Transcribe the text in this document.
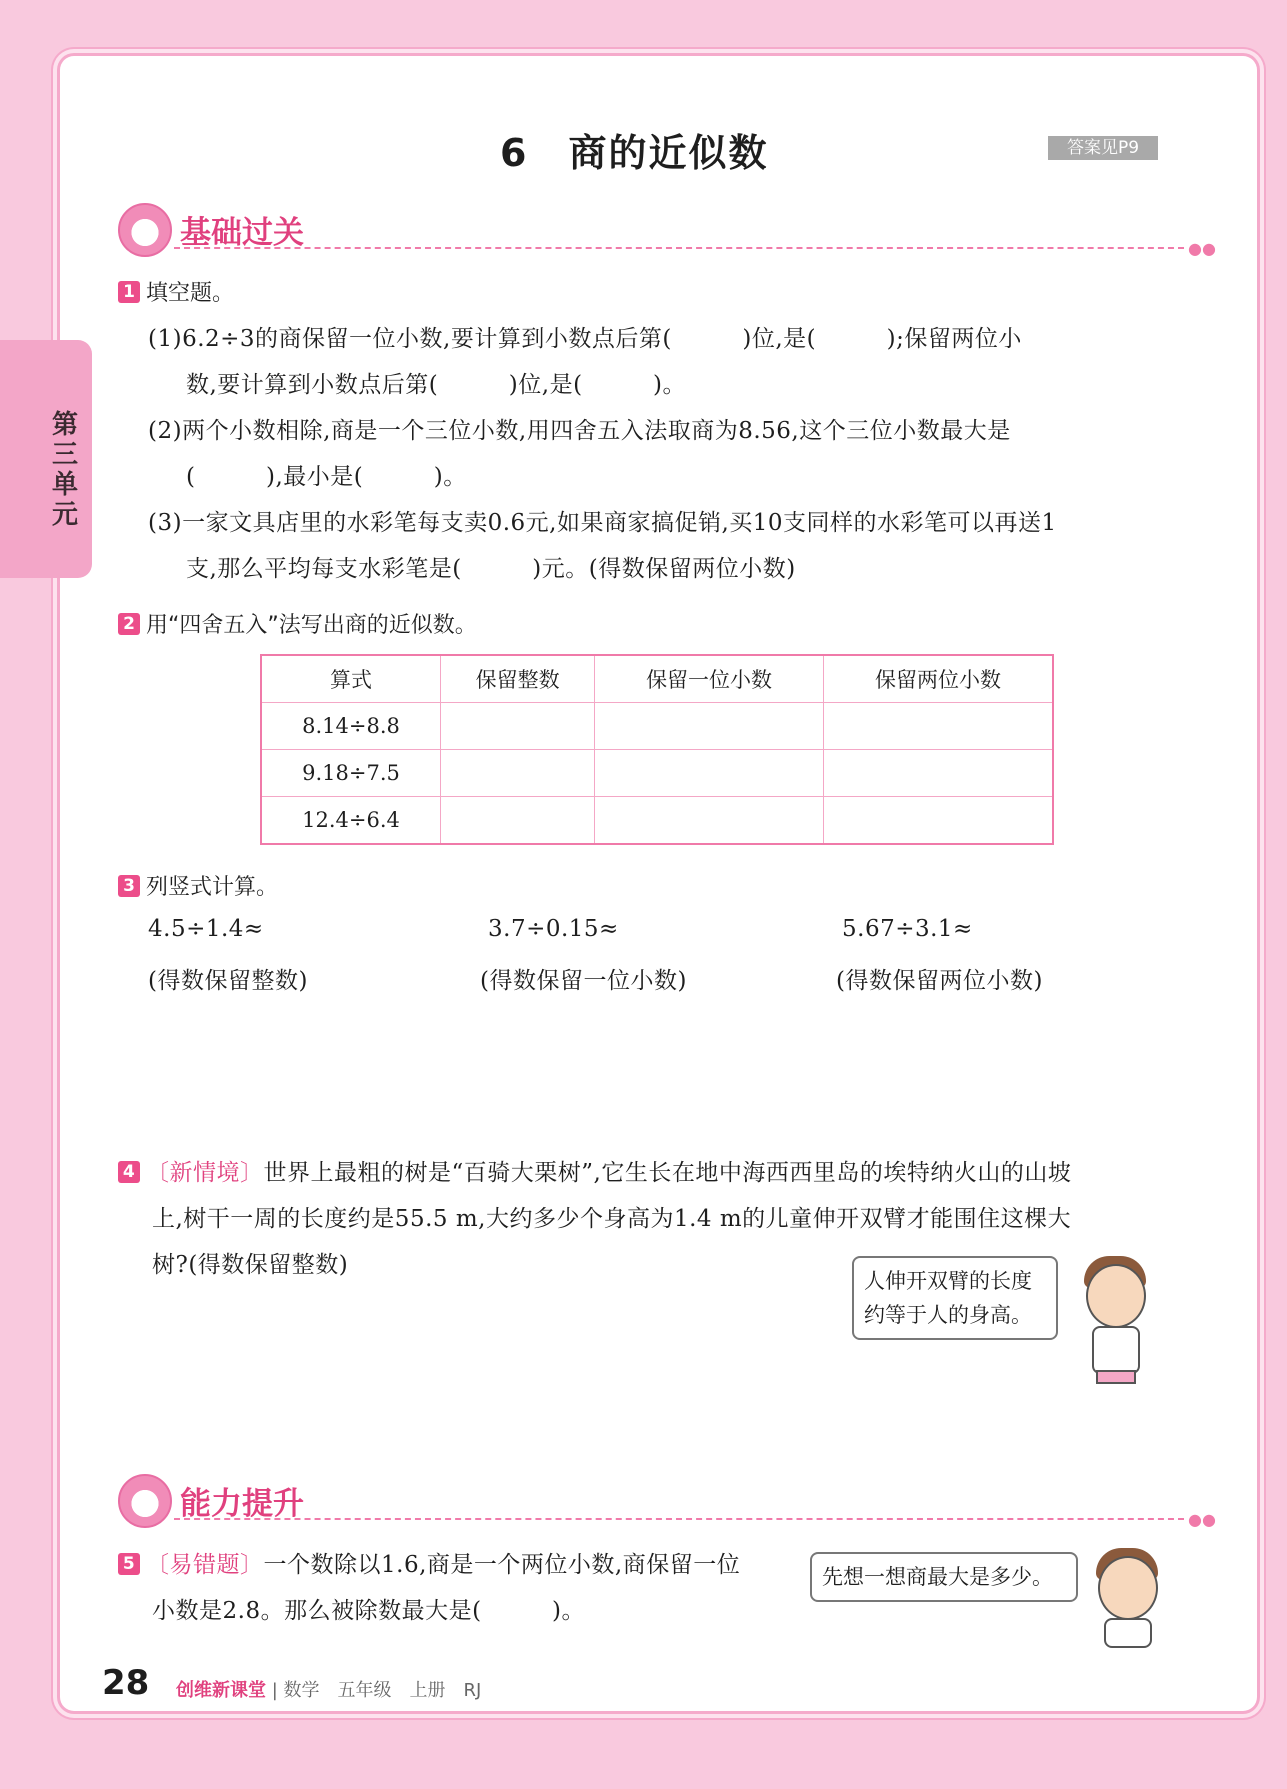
第三单元
6　商的近似数	答案见P9
基础过关	●●
1 填空题。
(1)6.2÷3的商保留一位小数,要计算到小数点后第(　　　)位,是(　　　);保留两位小
数,要计算到小数点后第(　　　)位,是(　　　)。
(2)两个小数相除,商是一个三位小数,用四舍五入法取商为8.56,这个三位小数最大是
(　　　),最小是(　　　)。
(3)一家文具店里的水彩笔每支卖0.6元,如果商家搞促销,买10支同样的水彩笔可以再送1
支,那么平均每支水彩笔是(　　　)元。(得数保留两位小数)
2 用“四舍五入”法写出商的近似数。
算式	保留整数	保留一位小数	保留两位小数
8.14÷8.8			
9.18÷7.5			
12.4÷6.4			
3 列竖式计算。
4.5÷1.4≈
(得数保留整数)
3.7÷0.15≈
(得数保留一位小数)
5.67÷3.1≈
(得数保留两位小数)
4 〔新情境〕世界上最粗的树是“百骑大栗树”,它生长在地中海西西里岛的埃特纳火山的山坡
上,树干一周的长度约是55.5 m,大约多少个身高为1.4 m的儿童伸开双臂才能围住这棵大
树?(得数保留整数)
人伸开双臂的长度
约等于人的身高。
能力提升	●●
5 〔易错题〕一个数除以1.6,商是一个两位小数,商保留一位
小数是2.8。那么被除数最大是(　　　)。
先想一想商最大是多少。
28 创维新课堂 | 数学　五年级　上册　RJ
